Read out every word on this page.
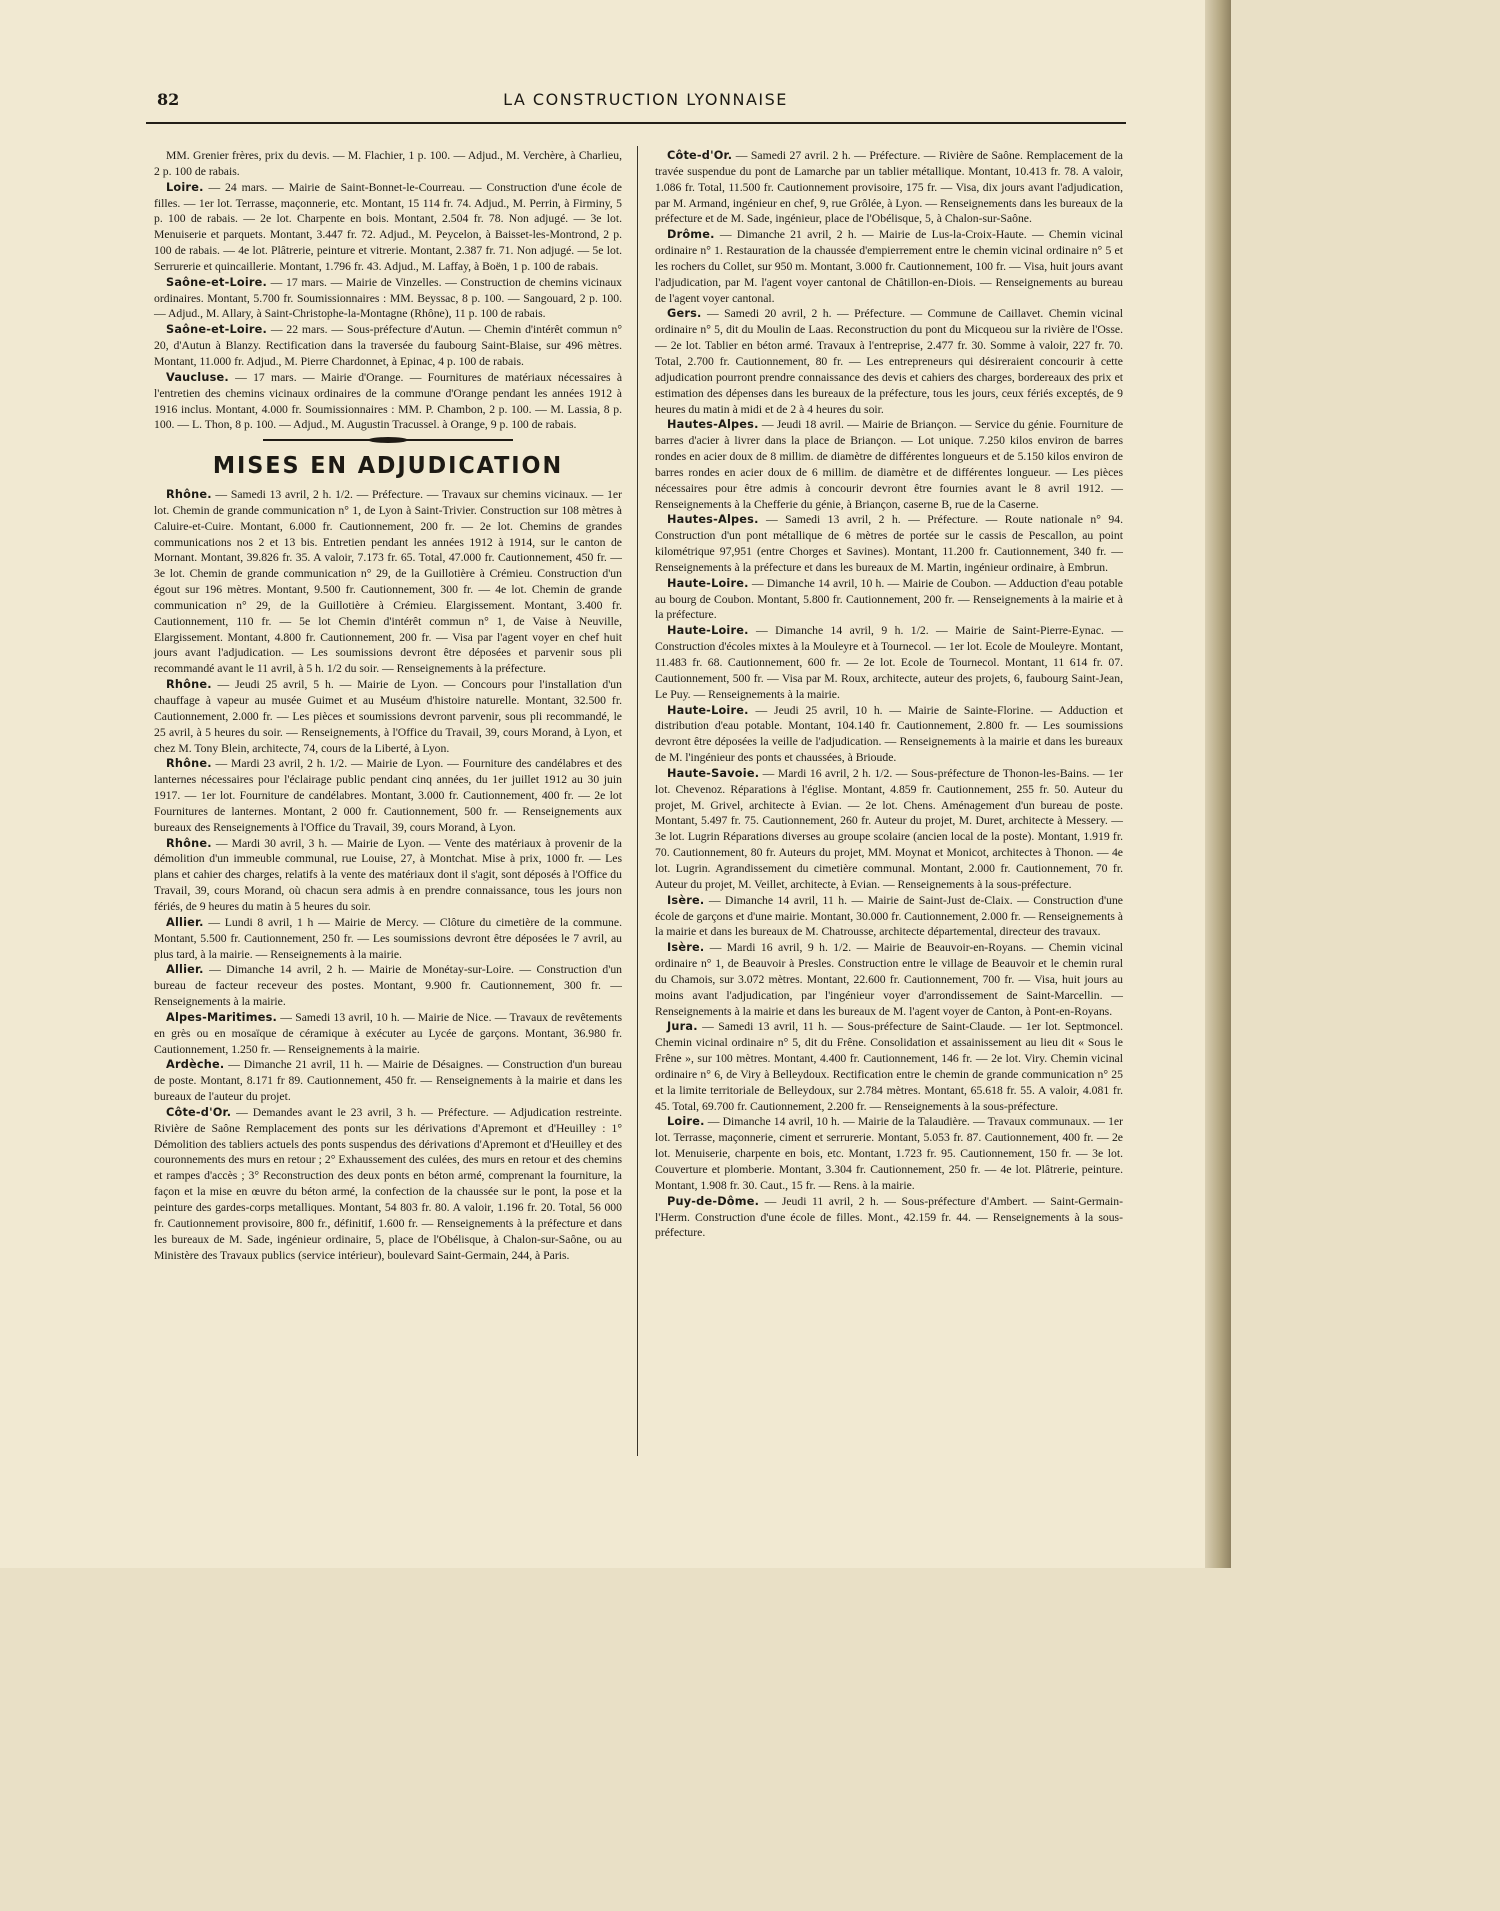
82	LA CONSTRUCTION LYONNAISE

MM. Grenier frères, prix du devis. — M. Flachier, 1 p. 100. — Adjud., M. Verchère, à Charlieu, 2 p. 100 de rabais.

Loire. — 24 mars. — Mairie de Saint-Bonnet-le-Courreau. — Construction d'une école de filles. — 1er lot. Terrasse, maçonnerie, etc. Montant, 15 114 fr. 74. Adjud., M. Perrin, à Firminy, 5 p. 100 de rabais. — 2e lot. Charpente en bois. Montant, 2.504 fr. 78. Non adjugé. — 3e lot. Menuiserie et parquets. Montant, 3.447 fr. 72. Adjud., M. Peycelon, à Baisset-les-Montrond, 2 p. 100 de rabais. — 4e lot. Plâtrerie, peinture et vitrerie. Montant, 2.387 fr. 71. Non adjugé. — 5e lot. Serrurerie et quincaillerie. Montant, 1.796 fr. 43. Adjud., M. Laffay, à Boën, 1 p. 100 de rabais.

Saône-et-Loire. — 17 mars. — Mairie de Vinzelles. — Construction de chemins vicinaux ordinaires. Montant, 5.700 fr. Soumissionnaires : MM. Beyssac, 8 p. 100. — Sangouard, 2 p. 100. — Adjud., M. Allary, à Saint-Christophe-la-Montagne (Rhône), 11 p. 100 de rabais.

Saône-et-Loire. — 22 mars. — Sous-préfecture d'Autun. — Chemin d'intérêt commun n° 20, d'Autun à Blanzy. Rectification dans la traversée du faubourg Saint-Blaise, sur 496 mètres. Montant, 11.000 fr. Adjud., M. Pierre Chardonnet, à Epinac, 4 p. 100 de rabais.

Vaucluse. — 17 mars. — Mairie d'Orange. — Fournitures de matériaux nécessaires à l'entretien des chemins vicinaux ordinaires de la commune d'Orange pendant les années 1912 à 1916 inclus. Montant, 4.000 fr. Soumissionnaires : MM. P. Chambon, 2 p. 100. — M. Lassia, 8 p. 100. — L. Thon, 8 p. 100. — Adjud., M. Augustin Tracussel. à Orange, 9 p. 100 de rabais.

MISES EN ADJUDICATION

Rhône. — Samedi 13 avril, 2 h. 1/2. — Préfecture. — Travaux sur chemins vicinaux. — 1er lot. Chemin de grande communication n° 1, de Lyon à Saint-Trivier. Construction sur 108 mètres à Caluire-et-Cuire. Montant, 6.000 fr. Cautionnement, 200 fr. — 2e lot. Chemins de grandes communications nos 2 et 13 bis. Entretien pendant les années 1912 à 1914, sur le canton de Mornant. Montant, 39.826 fr. 35. A valoir, 7.173 fr. 65. Total, 47.000 fr. Cautionnement, 450 fr. — 3e lot. Chemin de grande communication n° 29, de la Guillotière à Crémieu. Construction d'un égout sur 196 mètres. Montant, 9.500 fr. Cautionnement, 300 fr. — 4e lot. Chemin de grande communication n° 29, de la Guillotière à Crémieu. Elargissement. Montant, 3.400 fr. Cautionnement, 110 fr. — 5e lot Chemin d'intérêt commun n° 1, de Vaise à Neuville, Elargissement. Montant, 4.800 fr. Cautionnement, 200 fr. — Visa par l'agent voyer en chef huit jours avant l'adjudication. — Les soumissions devront être déposées et parvenir sous pli recommandé avant le 11 avril, à 5 h. 1/2 du soir. — Renseignements à la préfecture.

Rhône. — Jeudi 25 avril, 5 h. — Mairie de Lyon. — Concours pour l'installation d'un chauffage à vapeur au musée Guimet et au Muséum d'histoire naturelle. Montant, 32.500 fr. Cautionnement, 2.000 fr. — Les pièces et soumissions devront parvenir, sous pli recommandé, le 25 avril, à 5 heures du soir. — Renseignements, à l'Office du Travail, 39, cours Morand, à Lyon, et chez M. Tony Blein, architecte, 74, cours de la Liberté, à Lyon.

Rhône. — Mardi 23 avril, 2 h. 1/2. — Mairie de Lyon. — Fourniture des candélabres et des lanternes nécessaires pour l'éclairage public pendant cinq années, du 1er juillet 1912 au 30 juin 1917. — 1er lot. Fourniture de candélabres. Montant, 3.000 fr. Cautionnement, 400 fr. — 2e lot Fournitures de lanternes. Montant, 2 000 fr. Cautionnement, 500 fr. — Renseignements aux bureaux des Renseignements à l'Office du Travail, 39, cours Morand, à Lyon.

Rhône. — Mardi 30 avril, 3 h. — Mairie de Lyon. — Vente des matériaux à provenir de la démolition d'un immeuble communal, rue Louise, 27, à Montchat. Mise à prix, 1000 fr. — Les plans et cahier des charges, relatifs à la vente des matériaux dont il s'agit, sont déposés à l'Office du Travail, 39, cours Morand, où chacun sera admis à en prendre connaissance, tous les jours non fériés, de 9 heures du matin à 5 heures du soir.

Allier. — Lundi 8 avril, 1 h — Mairie de Mercy. — Clôture du cimetière de la commune. Montant, 5.500 fr. Cautionnement, 250 fr. — Les soumissions devront être déposées le 7 avril, au plus tard, à la mairie. — Renseignements à la mairie.

Allier. — Dimanche 14 avril, 2 h. — Mairie de Monétay-sur-Loire. — Construction d'un bureau de facteur receveur des postes. Montant, 9.900 fr. Cautionnement, 300 fr. — Renseignements à la mairie.

Alpes-Maritimes. — Samedi 13 avril, 10 h. — Mairie de Nice. — Travaux de revêtements en grès ou en mosaïque de céramique à exécuter au Lycée de garçons. Montant, 36.980 fr. Cautionnement, 1.250 fr. — Renseignements à la mairie.

Ardèche. — Dimanche 21 avril, 11 h. — Mairie de Désaignes. — Construction d'un bureau de poste. Montant, 8.171 fr 89. Cautionnement, 450 fr. — Renseignements à la mairie et dans les bureaux de l'auteur du projet.

Côte-d'Or. — Demandes avant le 23 avril, 3 h. — Préfecture. — Adjudication restreinte. Rivière de Saône Remplacement des ponts sur les dérivations d'Apremont et d'Heuilley : 1° Démolition des tabliers actuels des ponts suspendus des dérivations d'Apremont et d'Heuilley et des couronnements des murs en retour ; 2° Exhaussement des culées, des murs en retour et des chemins et rampes d'accès ; 3° Reconstruction des deux ponts en béton armé, comprenant la fourniture, la façon et la mise en œuvre du béton armé, la confection de la chaussée sur le pont, la pose et la peinture des gardes-corps metalliques. Montant, 54 803 fr. 80. A valoir, 1.196 fr. 20. Total, 56 000 fr. Cautionnement provisoire, 800 fr., définitif, 1.600 fr. — Renseignements à la préfecture et dans les bureaux de M. Sade, ingénieur ordinaire, 5, place de l'Obélisque, à Chalon-sur-Saône, ou au Ministère des Travaux publics (service intérieur), boulevard Saint-Germain, 244, à Paris.

Côte-d'Or. — Samedi 27 avril. 2 h. — Préfecture. — Rivière de Saône. Remplacement de la travée suspendue du pont de Lamarche par un tablier métallique. Montant, 10.413 fr. 78. A valoir, 1.086 fr. Total, 11.500 fr. Cautionnement provisoire, 175 fr. — Visa, dix jours avant l'adjudication, par M. Armand, ingénieur en chef, 9, rue Grôlée, à Lyon. — Renseignements dans les bureaux de la préfecture et de M. Sade, ingénieur, place de l'Obélisque, 5, à Chalon-sur-Saône.

Drôme. — Dimanche 21 avril, 2 h. — Mairie de Lus-la-Croix-Haute. — Chemin vicinal ordinaire n° 1. Restauration de la chaussée d'empierrement entre le chemin vicinal ordinaire n° 5 et les rochers du Collet, sur 950 m. Montant, 3.000 fr. Cautionnement, 100 fr. — Visa, huit jours avant l'adjudication, par M. l'agent voyer cantonal de Châtillon-en-Diois. — Renseignements au bureau de l'agent voyer cantonal.

Gers. — Samedi 20 avril, 2 h. — Préfecture. — Commune de Caillavet. Chemin vicinal ordinaire n° 5, dit du Moulin de Laas. Reconstruction du pont du Micqueou sur la rivière de l'Osse. — 2e lot. Tablier en béton armé. Travaux à l'entreprise, 2.477 fr. 30. Somme à valoir, 227 fr. 70. Total, 2.700 fr. Cautionnement, 80 fr. — Les entrepreneurs qui désireraient concourir à cette adjudication pourront prendre connaissance des devis et cahiers des charges, bordereaux des prix et estimation des dépenses dans les bureaux de la préfecture, tous les jours, ceux fériés exceptés, de 9 heures du matin à midi et de 2 à 4 heures du soir.

Hautes-Alpes. — Jeudi 18 avril. — Mairie de Briançon. — Service du génie. Fourniture de barres d'acier à livrer dans la place de Briançon. — Lot unique. 7.250 kilos environ de barres rondes en acier doux de 8 millim. de diamètre de différentes longueurs et de 5.150 kilos environ de barres rondes en acier doux de 6 millim. de diamètre et de différentes longueur. — Les pièces nécessaires pour être admis à concourir devront être fournies avant le 8 avril 1912. — Renseignements à la Chefferie du génie, à Briançon, caserne B, rue de la Caserne.

Hautes-Alpes. — Samedi 13 avril, 2 h. — Préfecture. — Route nationale n° 94. Construction d'un pont métallique de 6 mètres de portée sur le cassis de Pescallon, au point kilométrique 97,951 (entre Chorges et Savines). Montant, 11.200 fr. Cautionnement, 340 fr. — Renseignements à la préfecture et dans les bureaux de M. Martin, ingénieur ordinaire, à Embrun.

Haute-Loire. — Dimanche 14 avril, 10 h. — Mairie de Coubon. — Adduction d'eau potable au bourg de Coubon. Montant, 5.800 fr. Cautionnement, 200 fr. — Renseignements à la mairie et à la préfecture.

Haute-Loire. — Dimanche 14 avril, 9 h. 1/2. — Mairie de Saint-Pierre-Eynac. — Construction d'écoles mixtes à la Mouleyre et à Tournecol. — 1er lot. Ecole de Mouleyre. Montant, 11.483 fr. 68. Cautionnement, 600 fr. — 2e lot. Ecole de Tournecol. Montant, 11 614 fr. 07. Cautionnement, 500 fr. — Visa par M. Roux, architecte, auteur des projets, 6, faubourg Saint-Jean, Le Puy. — Renseignements à la mairie.

Haute-Loire. — Jeudi 25 avril, 10 h. — Mairie de Sainte-Florine. — Adduction et distribution d'eau potable. Montant, 104.140 fr. Cautionnement, 2.800 fr. — Les soumissions devront être déposées la veille de l'adjudication. — Renseignements à la mairie et dans les bureaux de M. l'ingénieur des ponts et chaussées, à Brioude.

Haute-Savoie. — Mardi 16 avril, 2 h. 1/2. — Sous-préfecture de Thonon-les-Bains. — 1er lot. Chevenoz. Réparations à l'église. Montant, 4.859 fr. Cautionnement, 255 fr. 50. Auteur du projet, M. Grivel, architecte à Evian. — 2e lot. Chens. Aménagement d'un bureau de poste. Montant, 5.497 fr. 75. Cautionnement, 260 fr. Auteur du projet, M. Duret, architecte à Messery. — 3e lot. Lugrin Réparations diverses au groupe scolaire (ancien local de la poste). Montant, 1.919 fr. 70. Cautionnement, 80 fr. Auteurs du projet, MM. Moynat et Monicot, architectes à Thonon. — 4e lot. Lugrin. Agrandissement du cimetière communal. Montant, 2.000 fr. Cautionnement, 70 fr. Auteur du projet, M. Veillet, architecte, à Evian. — Renseignements à la sous-préfecture.

Isère. — Dimanche 14 avril, 11 h. — Mairie de Saint-Just de-Claix. — Construction d'une école de garçons et d'une mairie. Montant, 30.000 fr. Cautionnement, 2.000 fr. — Renseignements à la mairie et dans les bureaux de M. Chatrousse, architecte départemental, directeur des travaux.

Isère. — Mardi 16 avril, 9 h. 1/2. — Mairie de Beauvoir-en-Royans. — Chemin vicinal ordinaire n° 1, de Beauvoir à Presles. Construction entre le village de Beauvoir et le chemin rural du Chamois, sur 3.072 mètres. Montant, 22.600 fr. Cautionnement, 700 fr. — Visa, huit jours au moins avant l'adjudication, par l'ingénieur voyer d'arrondissement de Saint-Marcellin. — Renseignements à la mairie et dans les bureaux de M. l'agent voyer de Canton, à Pont-en-Royans.

Jura. — Samedi 13 avril, 11 h. — Sous-préfecture de Saint-Claude. — 1er lot. Septmoncel. Chemin vicinal ordinaire n° 5, dit du Frêne. Consolidation et assainissement au lieu dit « Sous le Frêne », sur 100 mètres. Montant, 4.400 fr. Cautionnement, 146 fr. — 2e lot. Viry. Chemin vicinal ordinaire n° 6, de Viry à Belleydoux. Rectification entre le chemin de grande communication n° 25 et la limite territoriale de Belleydoux, sur 2.784 mètres. Montant, 65.618 fr. 55. A valoir, 4.081 fr. 45. Total, 69.700 fr. Cautionnement, 2.200 fr. — Renseignements à la sous-préfecture.

Loire. — Dimanche 14 avril, 10 h. — Mairie de la Talaudière. — Travaux communaux. — 1er lot. Terrasse, maçonnerie, ciment et serrurerie. Montant, 5.053 fr. 87. Cautionnement, 400 fr. — 2e lot. Menuiserie, charpente en bois, etc. Montant, 1.723 fr. 95. Cautionnement, 150 fr. — 3e lot. Couverture et plomberie. Montant, 3.304 fr. Cautionnement, 250 fr. — 4e lot. Plâtrerie, peinture. Montant, 1.908 fr. 30. Caut., 15 fr. — Rens. à la mairie.

Puy-de-Dôme. — Jeudi 11 avril, 2 h. — Sous-préfecture d'Ambert. — Saint-Germain-l'Herm. Construction d'une école de filles. Mont., 42.159 fr. 44. — Renseignements à la sous-préfecture.
